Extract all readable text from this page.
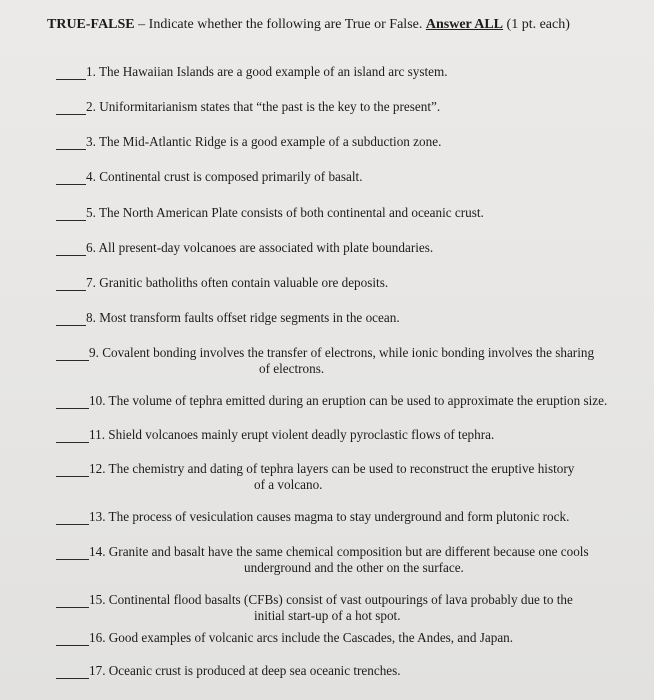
TRUE-FALSE – Indicate whether the following are True or False. Answer ALL (1 pt. each)
1. The Hawaiian Islands are a good example of an island arc system.
2. Uniformitarianism states that “the past is the key to the present”.
3. The Mid-Atlantic Ridge is a good example of a subduction zone.
4. Continental crust is composed primarily of basalt.
5. The North American Plate consists of both continental and oceanic crust.
6. All present-day volcanoes are associated with plate boundaries.
7. Granitic batholiths often contain valuable ore deposits.
8. Most transform faults offset ridge segments in the ocean.
9. Covalent bonding involves the transfer of electrons, while ionic bonding involves the sharing
of electrons.
10. The volume of tephra emitted during an eruption can be used to approximate the eruption size.
11. Shield volcanoes mainly erupt violent deadly pyroclastic flows of tephra.
12. The chemistry and dating of tephra layers can be used to reconstruct the eruptive history
of a volcano.
13. The process of vesiculation causes magma to stay underground and form plutonic rock.
14. Granite and basalt have the same chemical composition but are different because one cools
underground and the other on the surface.
15. Continental flood basalts (CFBs) consist of vast outpourings of lava probably due to the
initial start-up of a hot spot.
16. Good examples of volcanic arcs include the Cascades, the Andes, and Japan.
17. Oceanic crust is produced at deep sea oceanic trenches.
